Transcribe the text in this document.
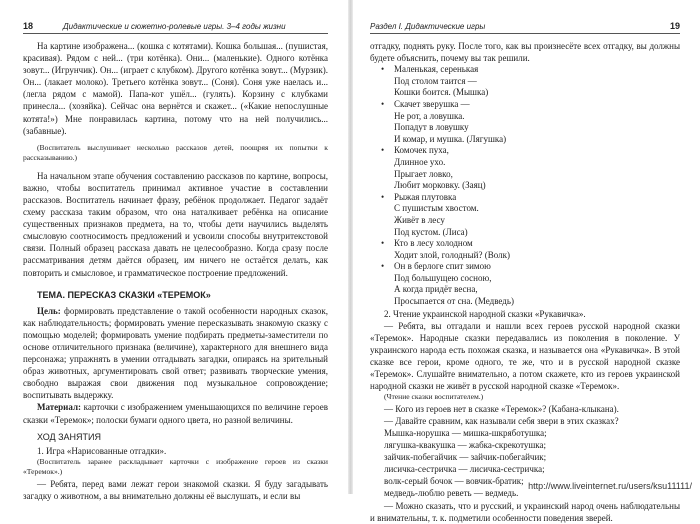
18	Дидактические и сюжетно-ролевые игры. 3–4 годы жизни

На картине изображена... (кошка с котятами). Кошка большая... (пушистая, красивая). Рядом с ней... (три котёнка). Они... (маленькие). Одного котёнка зовут... (Игрунчик). Он... (играет с клубком). Другого котёнка зовут... (Мурзик). Он... (лакает молоко). Третьего котёнка зовут... (Соня). Соня уже наелась и... (легла рядом с мамой). Папа-кот ушёл... (гулять). Корзину с клубками принесла... (хозяйка). Сейчас она вернётся и скажет... («Какие непослушные котята!») Мне понравилась картина, потому что на ней получились... (забавные).

(Воспитатель выслушивает несколько рассказов детей, поощряя их попытки к рассказыванию.)

На начальном этапе обучения составлению рассказов по картине, вопросы, важно, чтобы воспитатель принимал активное участие в составлении рассказов. Воспитатель начинает фразу, ребёнок продолжает. Педагог задаёт схему рассказа таким образом, что она наталкивает ребёнка на описание существенных признаков предмета, на то, чтобы дети научились выделять смысловую соотносимость предложений и усвоили способы внутритекстовой связи. Полный образец рассказа давать не целесообразно. Когда сразу после рассматривания детям даётся образец, им ничего не остаётся делать, как повторить и смысловое, и грамматическое построение предложений.

ТЕМА. ПЕРЕСКАЗ СКАЗКИ «ТЕРЕМОК»

Цель: формировать представление о такой особенности народных сказок, как наблюдательность; формировать умение пересказывать знакомую сказку с помощью моделей; формировать умение подбирать предметы-заместители по основе отличительного признака (величине), характерного для внешнего вида персонажа; упражнять в умении отгадывать загадки, опираясь на зрительный образ животных, аргументировать свой ответ; развивать творческие умения, свободно выражая свои движения под музыкальное сопровождение; воспитывать выдержку.

Материал: карточки с изображением уменьшающихся по величине героев сказки «Теремок»; полоски бумаги одного цвета, но разной величины.

ХОД ЗАНЯТИЯ

1. Игра «Нарисованные отгадки».

(Воспитатель заранее раскладывает карточки с изображение героев из сказки «Теремок».)

— Ребята, перед вами лежат герои знакомой сказки. Я буду загадывать загадку о животном, а вы внимательно должны её выслушать, и если вы

Раздел I. Дидактические игры	19

отгадку, поднять руку. После того, как вы произнесёте всех отгадку, вы должны будете объяснить, почему вы так решили.

• Маленькая, серенькая
Под столом таится —
Кошки боится. (Мышка)
• Скачет зверушка —
Не рот, а ловушка.
Попадут в ловушку
И комар, и мушка. (Лягушка)
• Комочек пуха,
Длинное ухо.
Прыгает ловко,
Любит морковку. (Заяц)
• Рыжая плутовка
С пушистым хвостом.
Живёт в лесу
Под кустом. (Лиса)
• Кто в лесу холодном
Ходит злой, голодный? (Волк)
• Он в берлоге спит зимою
Под большущею сосною,
А когда придёт весна,
Просыпается от сна. (Медведь)

2. Чтение украинской народной сказки «Рукавичка».

— Ребята, вы отгадали и нашли всех героев русской народной сказки «Теремок». Народные сказки передавались из поколения в поколение. У украинского народа есть похожая сказка, и называется она «Рукавичка». В этой сказке все герои, кроме одного, те же, что и в русской народной сказке «Теремок». Слушайте внимательно, а потом скажете, кто из героев украинской народной сказки не живёт в русской народной сказке «Теремок».

(Чтение сказки воспитателем.)

— Кого из героев нет в сказке «Теремок»? (Кабана-клыкана).

— Давайте сравним, как называли себя звери в этих сказках?

Мышка-норушка — мишка-шкряботушка;

лягушка-квакушка — жабка-скрекотушка;

зайчик-побегайчик — зайчик-побегайчик;

лисичка-сестричка — лисичка-сестричка;

волк-серый бочок — вовчик-братик;

медведь-люблю реветь — ведмедь.

— Можно сказать, что и русский, и украинский народ очень наблюдательны и внимательны, т. к. подметили особенности поведения зверей.

http://www.liveinternet.ru/users/ksu11111/
